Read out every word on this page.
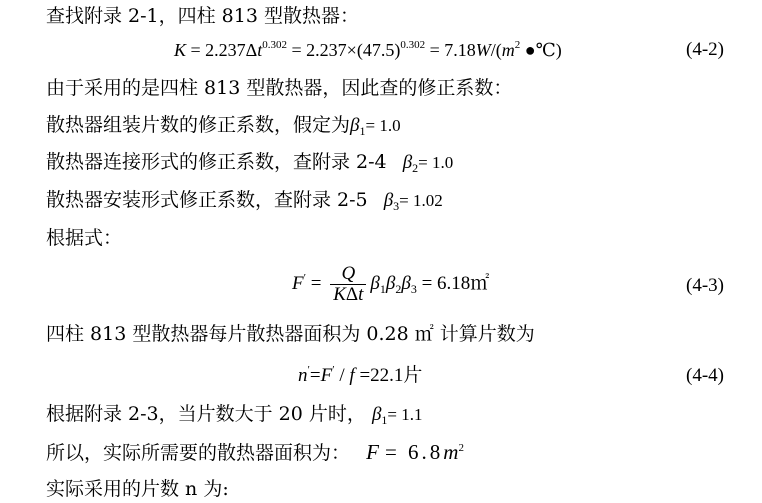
查找附录 2-1，四柱 813 型散热器：
$K = 2.237\Delta t^{0.302} = 2.237\times(47.5)^{0.302} = 7.18W/(m^2$ ●℃)	(4-2)
由于采用的是四柱 813 型散热器，因此查的修正系数：
散热器组装片数的修正系数，假定为$\beta_1= 1.0$
散热器连接形式的修正系数，查附录 2-4 $\beta_2= 1.0$
散热器安装形式修正系数，查附录 2-5 $\beta_3= 1.02$
根据式：
$F' = \frac{Q}{\text{KΔt}} \beta_1\beta_2\beta_3$ = 6.18㎡	(4-3)
四柱 813 型散热器每片散热器面积为 0.28 ㎡ 计算片数为
n′=F′ / f =22.1片	(4-4)
根据附录 2-3，当片数大于 20 片时， $\beta_1= 1.1$
所以，实际所需要的散热器面积为： $F = 6.8m^2$
实际采用的片数 n 为:
